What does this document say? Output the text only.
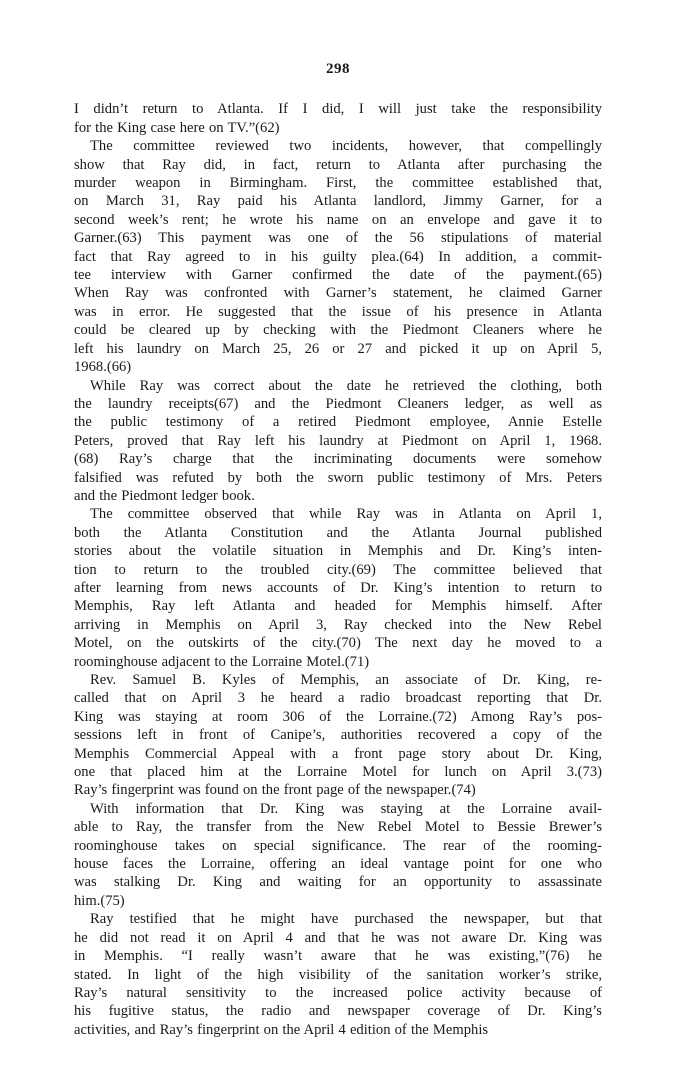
298
I didn’t return to Atlanta. If I did, I will just take the responsibility
for the King case here on TV.”(62)
The committee reviewed two incidents, however, that compellingly
show that Ray did, in fact, return to Atlanta after purchasing the
murder weapon in Birmingham. First, the committee established that,
on March 31, Ray paid his Atlanta landlord, Jimmy Garner, for a
second week’s rent; he wrote his name on an envelope and gave it to
Garner.(63) This payment was one of the 56 stipulations of material
fact that Ray agreed to in his guilty plea.(64) In addition, a commit-
tee interview with Garner confirmed the date of the payment.(65)
When Ray was confronted with Garner’s statement, he claimed Garner
was in error. He suggested that the issue of his presence in Atlanta
could be cleared up by checking with the Piedmont Cleaners where he
left his laundry on March 25, 26 or 27 and picked it up on April 5,
1968.(66)
While Ray was correct about the date he retrieved the clothing, both
the laundry receipts(67) and the Piedmont Cleaners ledger, as well as
the public testimony of a retired Piedmont employee, Annie Estelle
Peters, proved that Ray left his laundry at Piedmont on April 1, 1968.
(68) Ray’s charge that the incriminating documents were somehow
falsified was refuted by both the sworn public testimony of Mrs. Peters
and the Piedmont ledger book.
The committee observed that while Ray was in Atlanta on April 1,
both the Atlanta Constitution and the Atlanta Journal published
stories about the volatile situation in Memphis and Dr. King’s inten-
tion to return to the troubled city.(69) The committee believed that
after learning from news accounts of Dr. King’s intention to return to
Memphis, Ray left Atlanta and headed for Memphis himself. After
arriving in Memphis on April 3, Ray checked into the New Rebel
Motel, on the outskirts of the city.(70) The next day he moved to a
roominghouse adjacent to the Lorraine Motel.(71)
Rev. Samuel B. Kyles of Memphis, an associate of Dr. King, re-
called that on April 3 he heard a radio broadcast reporting that Dr.
King was staying at room 306 of the Lorraine.(72) Among Ray’s pos-
sessions left in front of Canipe’s, authorities recovered a copy of the
Memphis Commercial Appeal with a front page story about Dr. King,
one that placed him at the Lorraine Motel for lunch on April 3.(73)
Ray’s fingerprint was found on the front page of the newspaper.(74)
With information that Dr. King was staying at the Lorraine avail-
able to Ray, the transfer from the New Rebel Motel to Bessie Brewer’s
roominghouse takes on special significance. The rear of the rooming-
house faces the Lorraine, offering an ideal vantage point for one who
was stalking Dr. King and waiting for an opportunity to assassinate
him.(75)
Ray testified that he might have purchased the newspaper, but that
he did not read it on April 4 and that he was not aware Dr. King was
in Memphis. “I really wasn’t aware that he was existing,”(76) he
stated. In light of the high visibility of the sanitation worker’s strike,
Ray’s natural sensitivity to the increased police activity because of
his fugitive status, the radio and newspaper coverage of Dr. King’s
activities, and Ray’s fingerprint on the April 4 edition of the Memphis
